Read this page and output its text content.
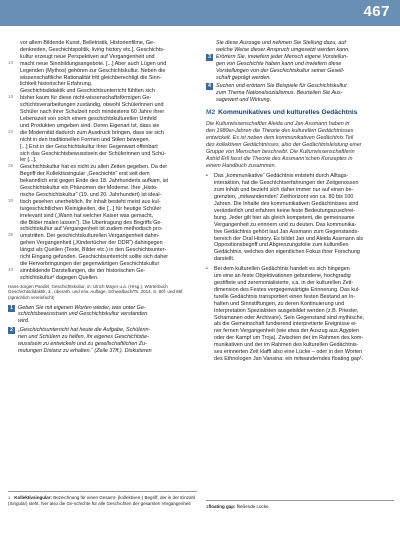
467
vor allem Bildende Kunst, Belletristik, Historienfilme, Ge-
denkreden, Geschichtspolitik, living history etc.]. Geschichts-
kultur erzeugt neue Perspektiven auf Vergangenheit und
10	macht neue Sinnbildungsangebote. [...] Aber auch Lügen und
Legenden (Mythos) gehören zur Geschichtskultur. Neben die
wissenschaftliche Rationalität tritt gleichberechtigt die Sinn-
lichkeit historischer Erfahrung.
Geschichtsdidaktik und Geschichtsunterricht fühlten sich
15	bisher kaum für diese nicht-wissenschaftsförmigen Ge-
schichtsverarbeitungen zuständig, obwohl Schülerinnen und
Schüler nach ihrer Schulzeit noch mindestens 60 Jahre ihrer
Lebenszeit von solch einem geschichtskulturellen Umfeld
und Produkten umgeben sind. Deren Eigenart ist, dass sie
20	die Modernität dadurch zum Ausdruck bringen, dass sie sich
nicht in den traditionellen Formen und Stilen bewegen.
[...] Erst in der Geschichtskultur ihrer Gegenwart offenbart
sich das Geschichtsbewusstsein der Schülerinnen und Schü-
ler [...].
25	Geschichtskultur hat es nicht zu allen Zeiten gegeben. Da der
Begriff der Kollektivsingular „Geschichte“ erst seit dem
bekanntlich erst gegen Ende des 18. Jahrhunderts aufkam, ist
Geschichtskultur ein Phänomen der Moderne. Ihre „Histo-
rische Geschichtskultur“ (19. und 20. Jahrhundert) ist ideal-
30	tisch gesehen unerheblich. Ihr Inhalt besteht meist aus kul-
turgeschichtlichen Kleinigkeiten, die [...] für heutige Schüler
irrelevant sind („Wann hat welcher Kaiser was gemacht,
die Bilder malen lassen“). Die Übertragung des Begriffs Ge-
schichtskultur auf Vergangenheit ist zudem methodisch pro-
35	umstritten. Der geschichtskulturellen Vergangenheit dahin-
gehen Vergangenheit („Kindertücher der DDR“) dahingegen
längst als Quellen (Texte, Bilder etc.) in den Geschichtsunter-
richt Eingang gefunden. Geschichtsunterricht sollte sich daher
die Hervorbringungen der gegenwärtigen Geschichtskultur
40	sinnbildende Darstellungen, die der historischen Ge-
schichtskultur¹ dagegen Quellen.
Hans-Jürgen Pandel, Geschichtskultur, in: Ulrich Mayer u.a. (Hrsg.), Wörterbuch Geschichtsdidaktik, 3., überarb. und erw. Auflage, Schwalbach/Ts. 2014, S. 80f. und 86f. (sprachlich vereinfacht)
1 Geben Sie mit eigenen Worten wieder, was unter Ge-
schichtsbewusstsein und Geschichtskultur verstanden
wird.
2 „Geschichtsunterricht hat heute die Aufgabe, Schülerin-
nen und Schülern zu helfen, ihr eigenes Geschichtsbe-
wusstsein zu entwickeln und zu gesellschaftlichen Zu-
mutungen Distanz zu erhalten.“ (Zeile 37ff.). Diskutieren
Sie diese Aussage und nehmen Sie Stellung dazu, auf
welche Weise dieser Anspruch umgesetzt werden kann.
3 Erörtern Sie, inwiefern jeder Mensch eigene Vorstellun-
gen von Geschichte haben kann und inwiefern diese
Vorstellungen von der Geschichtskultur seiner Gesell-
schaft geprägt werden.
4 Suchen und erörtern Sie Beispiele für Geschichtskultur
zum Thema Nationalsozialismus. Beurteilen Sie Aus-
sagewert und Wirkung.
M2 Kommunikatives und kulturelles Gedächtnis
Die Kulturwissenschaftler Aleida und Jan Assmann haben in
den 1980er-Jahren die Theorie des kulturellen Gedächtnisses
entwickelt. Es ist neben dem kommunikativen Gedächtnis Teil
des kollektiven Gedächtnisses, also der Gedächtnisleistung einer
Gruppe von Menschen beschreibt. Die Kulturwissenschaftlerin
Astrid Erll fasst die Theorie des Assmann'schen Konzeptes in
einem Handbuch zusammen.
▪ Das „kommunikative“ Gedächtnis entsteht durch Alltags-
interaktion, hat die Geschichtserfahrungen der Zeitgenossen
zum Inhalt und bezieht sich daher immer nur auf einen be-
grenzten, „mitwandernden“ Zeithorizont von ca. 80 bis 100
Jahren. Die Inhalte des kommunikativen Gedächtnisses sind
veränderlich und erfahren keine feste Bedeutungszuschrei-
bung. Jeder gilt hier als gleich kompetent, die gemeinsame
Vergangenheit zu erinnern und zu deuten. Das kommunika-
tive Gedächtnis gehört laut Jan Assmann zum Gegenstands-
bereich der Oral History. Es bildet Jan und Aleida Assmann als
Oppositionsbegriff und Abgrenzungsfolie zum kulturellen
Gedächtnis, welches den eigentlichen Fokus ihrer Forschung
darstellt.
▪ Bei dem kulturellen Gedächtnis handelt es sich hingegen
um eine an feste Objektivationen gebundene, hochgradig
gestiftete und zeremonialisierte, v.a. in der kulturellen Zeit-
dimension des Festes vergegenwärtigte Erinnerung. Das kul-
turelle Gedächtnis transportiert einen festen Bestand an In-
halten und Sinnstiftungen, zu deren Kontinuierung und
Interpretation Spezialisten ausgebildet werden (z.B. Priester,
Schamanen oder Archivare). Sein Gegenstand sind mythische,
als die Gemeinschaft fundierend interpretierte Ereignisse ei-
ner fernen Vergangenheit (wie etwa der Auszug aus Ägypten
oder der Kampf um Troja). Zwischen der im Rahmen des kom-
munikativen und der im Rahmen des kulturellen Gedächtnis-
ses erinnerten Zeit klafft also eine Lücke – oder in den Worten
des Ethnologen Jan Vansina: ein mitwanderndes floating gap¹.
1 Kollektivsingular: Bezeichnung für einen Gesamt- (kollektiven-) Begriff, der in der Einzahl (Singular) steht, hier also die Ge-schichte für alle Geschichten der gesamten Vergangenheit
1floating gap: fließende Lücke
